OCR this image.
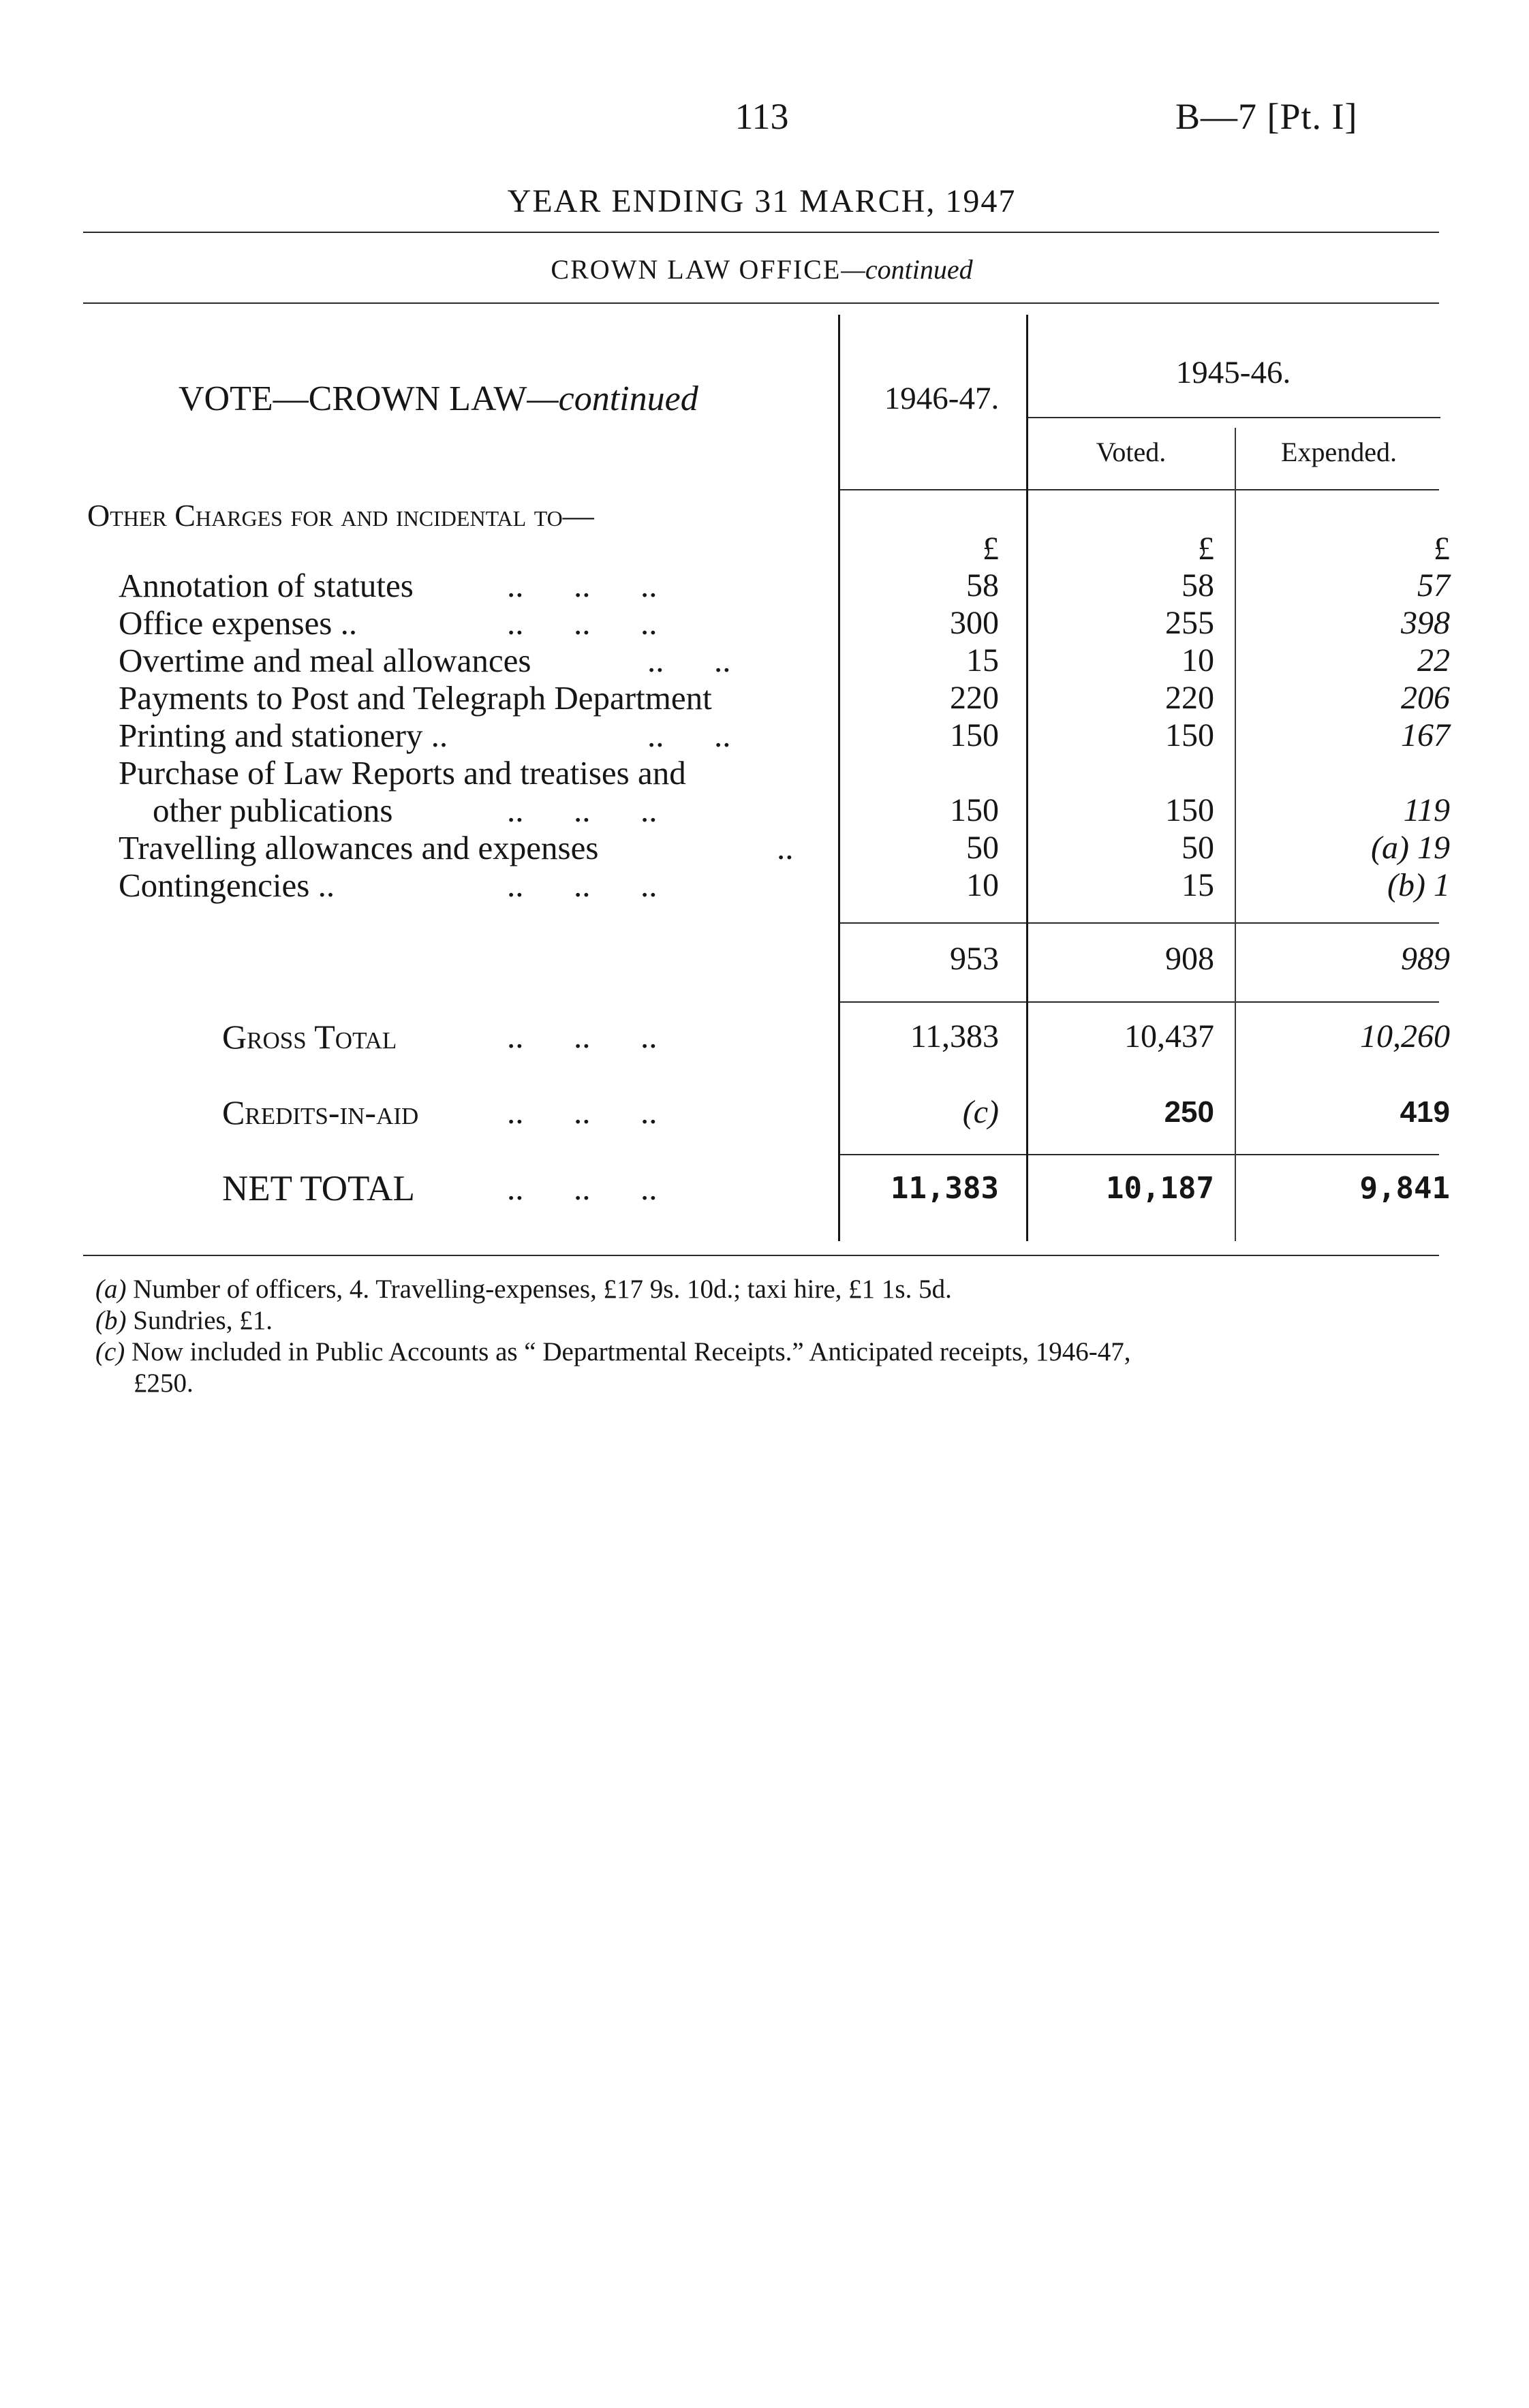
113	B—7 [Pt. I]
YEAR ENDING 31 MARCH, 1947
CROWN LAW OFFICE—continued
VOTE—CROWN LAW—continued	1946-47.
1945-46.
Voted.	Expended.
Other Charges for and incidental to—
£	£	£
Annotation of statutes	..      ..      ..	58	58	57
Office expenses ..	..      ..      ..	300	255	398
Overtime and meal allowances	..      ..	15	10	22
Payments to Post and Telegraph Department	220	220	206
Printing and stationery ..	..      ..	150	150	167
Purchase of Law Reports and treatises and
other publications	..      ..      ..	150	150	119
Travelling allowances and expenses	..	50	50	(a) 19
Contingencies ..	..      ..      ..	10	15	(b) 1
953	908	989
Gross Total	..      ..      ..	11,383	10,437	10,260
Credits-in-aid	..      ..      ..	(c)	250	419
NET TOTAL	..      ..      ..	11,383	10,187	9,841
(a) Number of officers, 4. Travelling-expenses, £17 9s. 10d.; taxi hire, £1 1s. 5d.
(b) Sundries, £1.
(c) Now included in Public Accounts as “ Departmental Receipts.” Anticipated receipts, 1946-47,
£250.
